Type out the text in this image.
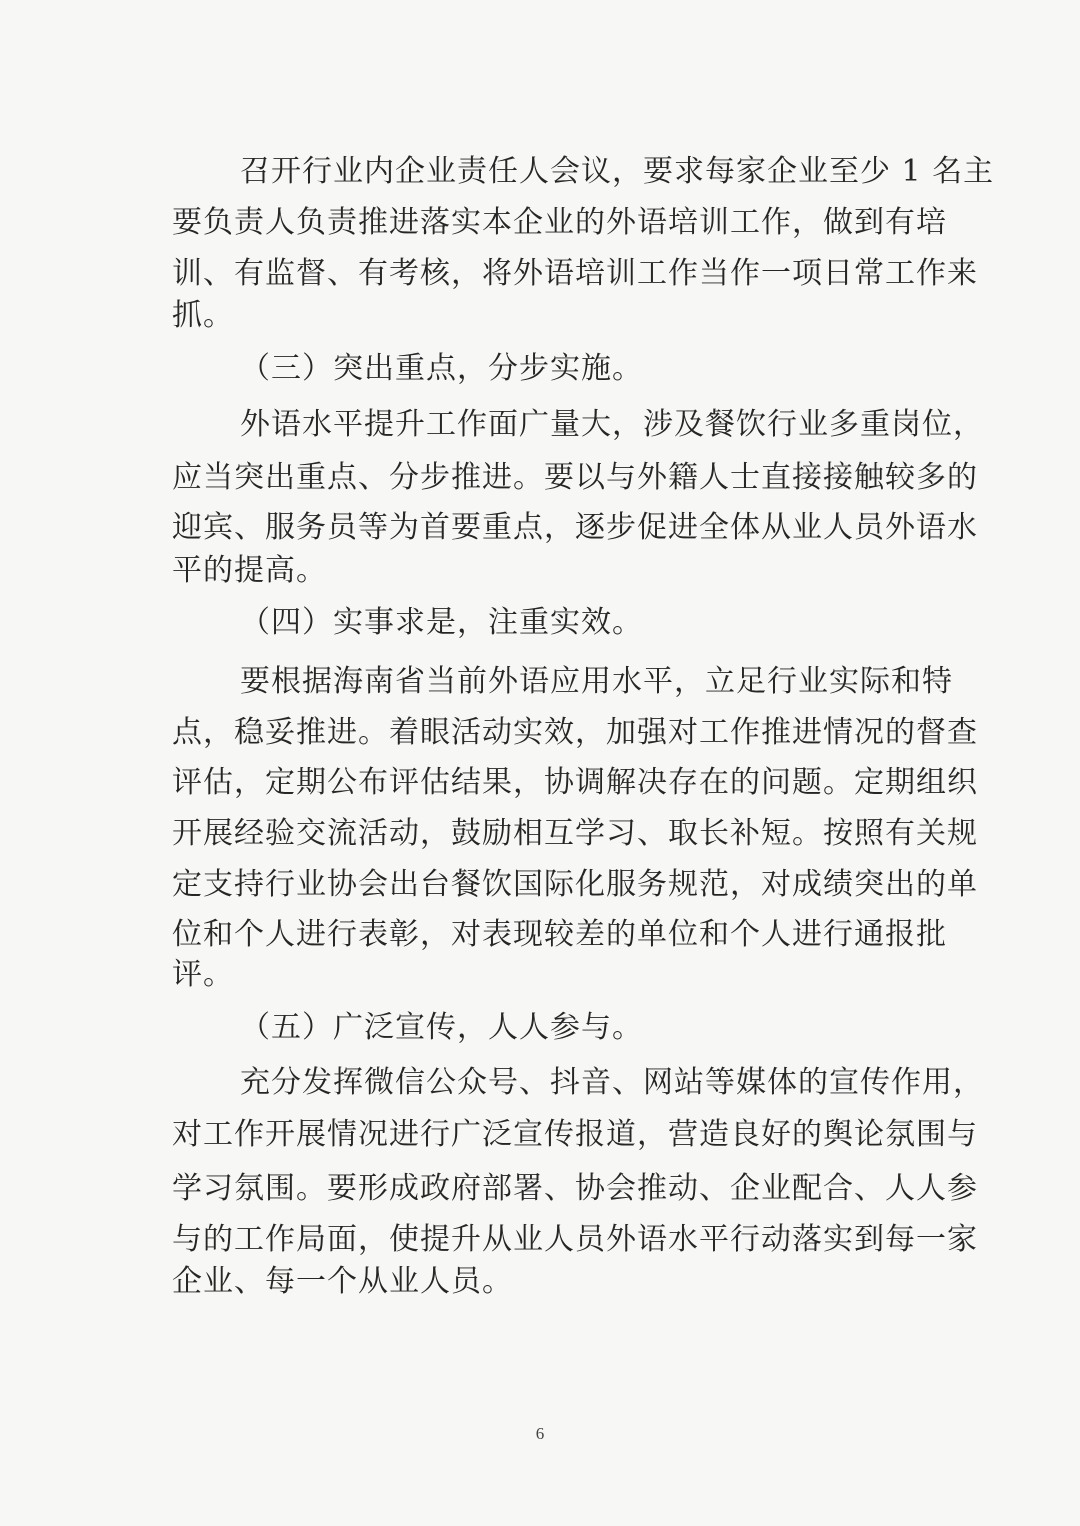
召开行业内企业责任人会议，要求每家企业至少 1 名主
要负责人负责推进落实本企业的外语培训工作，做到有培
训、有监督、有考核，将外语培训工作当作一项日常工作来
抓。
（三）突出重点，分步实施。
外语水平提升工作面广量大，涉及餐饮行业多重岗位，
应当突出重点、分步推进。要以与外籍人士直接接触较多的
迎宾、服务员等为首要重点，逐步促进全体从业人员外语水
平的提高。
（四）实事求是，注重实效。
要根据海南省当前外语应用水平，立足行业实际和特
点，稳妥推进。着眼活动实效，加强对工作推进情况的督查
评估，定期公布评估结果，协调解决存在的问题。定期组织
开展经验交流活动，鼓励相互学习、取长补短。按照有关规
定支持行业协会出台餐饮国际化服务规范，对成绩突出的单
位和个人进行表彰，对表现较差的单位和个人进行通报批
评。
（五）广泛宣传，人人参与。
充分发挥微信公众号、抖音、网站等媒体的宣传作用，
对工作开展情况进行广泛宣传报道，营造良好的舆论氛围与
学习氛围。要形成政府部署、协会推动、企业配合、人人参
与的工作局面，使提升从业人员外语水平行动落实到每一家
企业、每一个从业人员。
6
